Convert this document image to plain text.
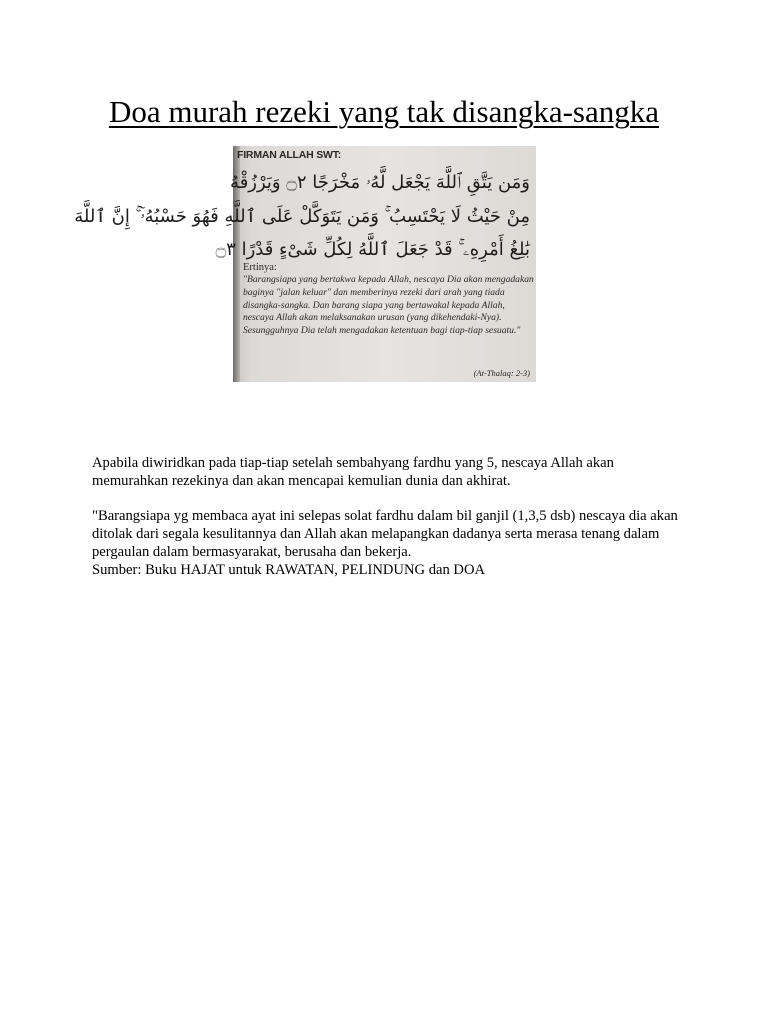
Doa murah rezeki yang tak disangka-sangka
FIRMAN ALLAH SWT:
وَمَن يَتَّقِ ٱللَّهَ يَجْعَل لَّهُۥ مَخْرَجًا ۝٢ وَيَرْزُقْهُ
مِنْ حَيْثُ لَا يَحْتَسِبُ ۚ وَمَن يَتَوَكَّلْ عَلَى ٱللَّهِ فَهُوَ حَسْبُهُۥٓ ۚ إِنَّ ٱللَّهَ
بَٰلِغُ أَمْرِهِۦ ۚ قَدْ جَعَلَ ٱللَّهُ لِكُلِّ شَىْءٍ قَدْرًا ۝٣
Ertinya:

"Barangsiapa yang bertakwa kepada Allah, nescaya Dia akan mengadakan baginya "jalan keluar" dan memberinya rezeki dari arah yang tiada disangka-sangka. Dan barang siapa yang bertawakal kepada Allah, nescaya Allah akan melaksanakan urusan (yang dikehendaki-Nya). Sesungguhnya Dia telah mengadakan ketentuan bagi tiap-tiap sesuatu."

(At-Thalaq: 2-3)

Apabila diwiridkan pada tiap-tiap setelah sembahyang fardhu yang 5, nescaya Allah akan memurahkan rezekinya dan akan mencapai kemulian dunia dan akhirat.

"Barangsiapa yg membaca ayat ini selepas solat fardhu dalam bil ganjil (1,3,5 dsb) nescaya dia akan ditolak dari segala kesulitannya dan Allah akan melapangkan dadanya serta merasa tenang dalam pergaulan dalam bermasyarakat, berusaha dan bekerja.

Sumber: Buku HAJAT untuk RAWATAN, PELINDUNG dan DOA
